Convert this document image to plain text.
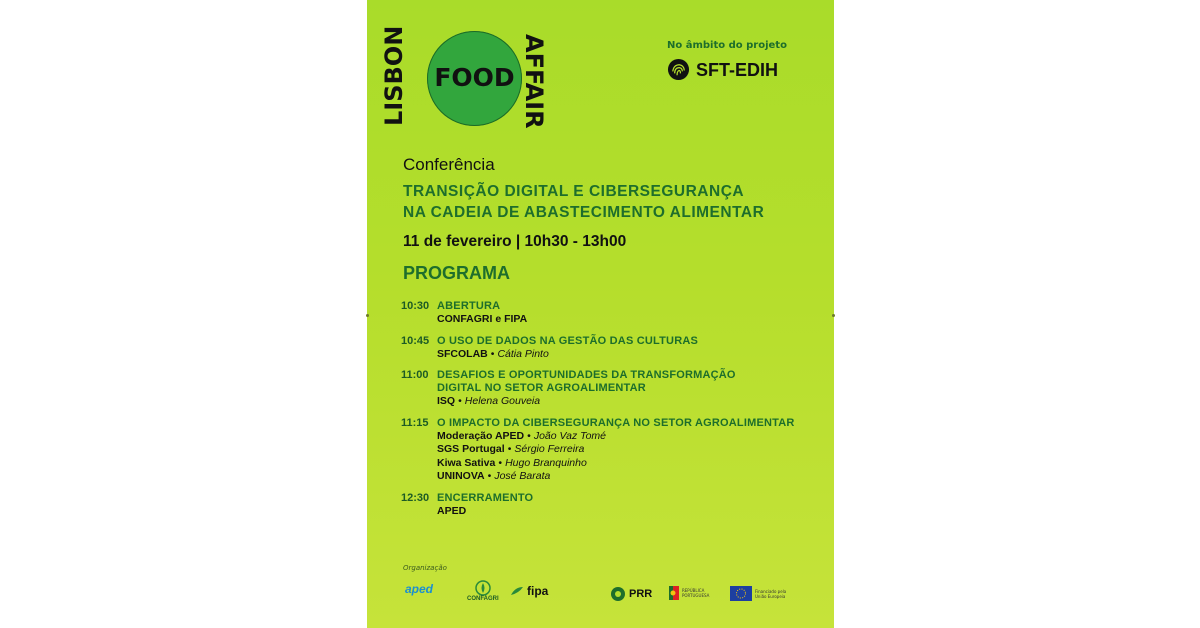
FOOD
LISBON	AFFAIR	No âmbito do projeto
SFT-EDIH
Conferência
TRANSIÇÃO DIGITAL E CIBERSEGURANÇA
NA CADEIA DE ABASTECIMENTO ALIMENTAR
11 de fevereiro | 10h30 - 13h00
PROGRAMA
10:30 ABERTURA
CONFAGRI e FIPA
10:45 O USO DE DADOS NA GESTÃO DAS CULTURAS
SFCOLAB • Cátia Pinto
11:00 DESAFIOS E OPORTUNIDADES DA TRANSFORMAÇÃO
DIGITAL NO SETOR AGROALIMENTAR
ISQ • Helena Gouveia
11:15 O IMPACTO DA CIBERSEGURANÇA NO SETOR AGROALIMENTAR
Moderação APED • João Vaz Tomé
SGS Portugal • Sérgio Ferreira
Kiwa Sativa • Hugo Branquinho
UNINOVA • José Barata
12:30 ENCERRAMENTO
APED
Organização
aped
CONFAGRI
fipa	PRR	REPÚBLICA PORTUGUESA
Financiado pela União Europeia
